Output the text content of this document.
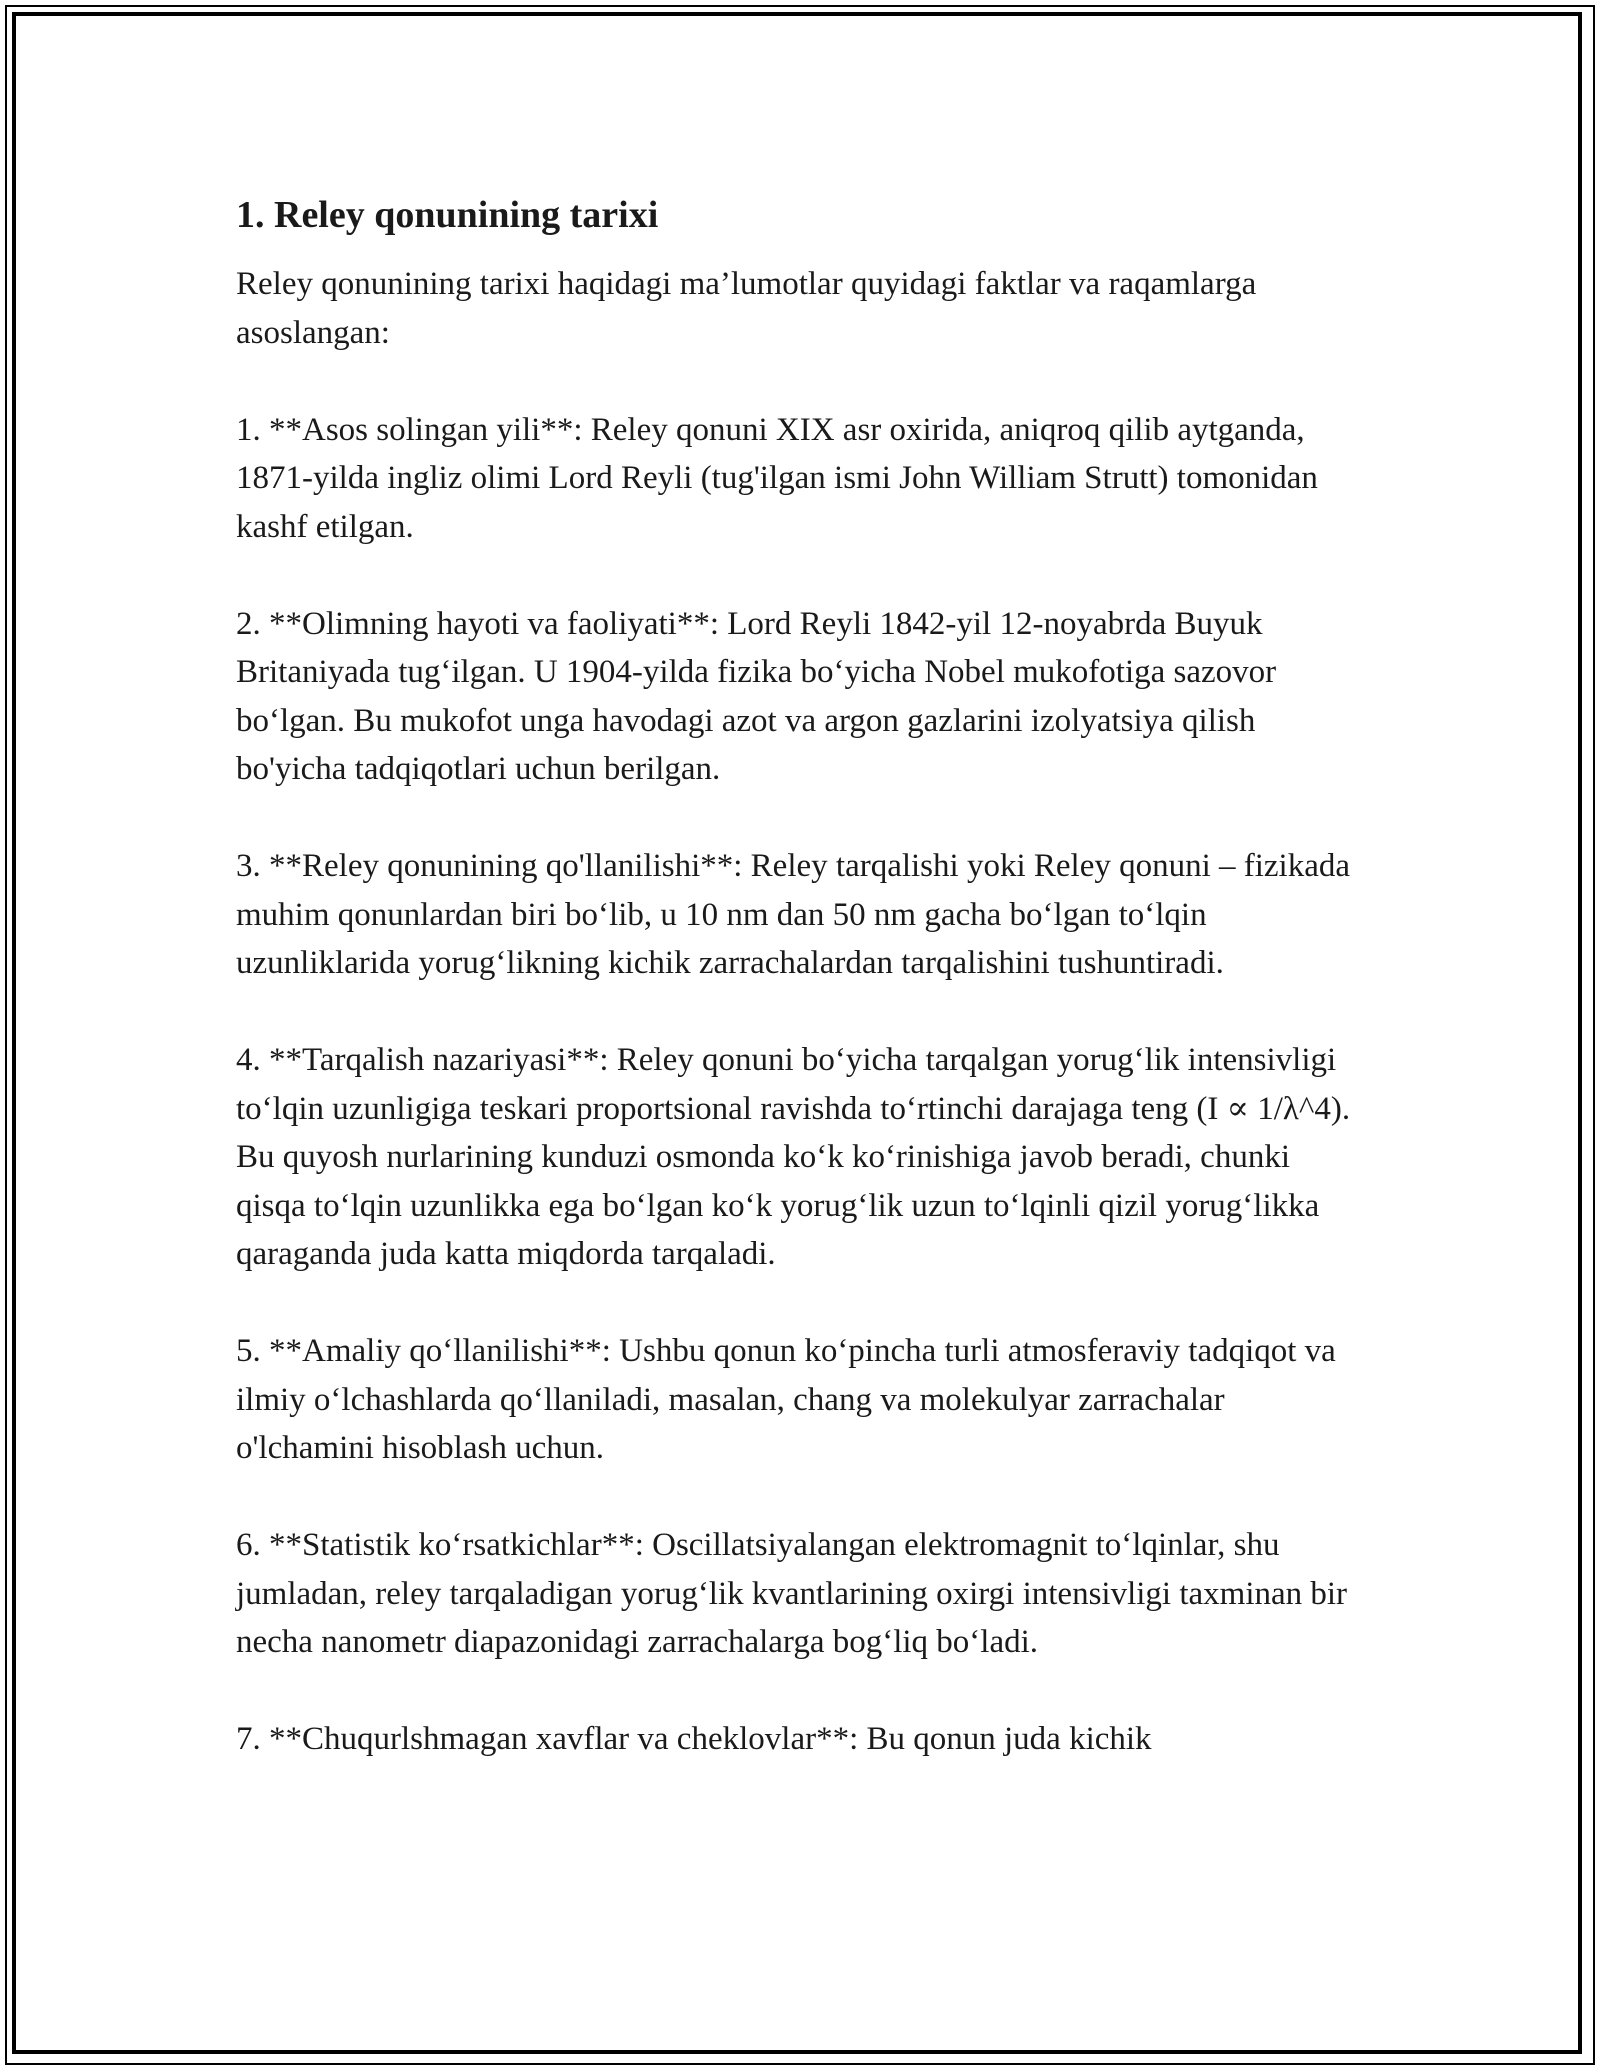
1. Reley qonunining tarixi

Reley qonunining tarixi haqidagi ma’lumotlar quyidagi faktlar va raqamlarga asoslangan:

1. **Asos solingan yili**: Reley qonuni XIX asr oxirida, aniqroq qilib aytganda, 1871-yilda ingliz olimi Lord Reyli (tug'ilgan ismi John William Strutt) tomonidan kashf etilgan.

2. **Olimning hayoti va faoliyati**: Lord Reyli 1842-yil 12-noyabrda Buyuk Britaniyada tug‘ilgan. U 1904-yilda fizika bo‘yicha Nobel mukofotiga sazovor bo‘lgan. Bu mukofot unga havodagi azot va argon gazlarini izolyatsiya qilish bo'yicha tadqiqotlari uchun berilgan.

3. **Reley qonunining qo'llanilishi**: Reley tarqalishi yoki Reley qonuni – fizikada muhim qonunlardan biri bo‘lib, u 10 nm dan 50 nm gacha bo‘lgan to‘lqin uzunliklarida yorug‘likning kichik zarrachalardan tarqalishini tushuntiradi.

4. **Tarqalish nazariyasi**: Reley qonuni bo‘yicha tarqalgan yorug‘lik intensivligi to‘lqin uzunligiga teskari proportsional ravishda to‘rtinchi darajaga teng (I ∝ 1/λ^4). Bu quyosh nurlarining kunduzi osmonda ko‘k ko‘rinishiga javob beradi, chunki qisqa to‘lqin uzunlikka ega bo‘lgan ko‘k yorug‘lik uzun to‘lqinli qizil yorug‘likka qaraganda juda katta miqdorda tarqaladi.

5. **Amaliy qo‘llanilishi**: Ushbu qonun ko‘pincha turli atmosferaviy tadqiqot va ilmiy o‘lchashlarda qo‘llaniladi, masalan, chang va molekulyar zarrachalar o'lchamini hisoblash uchun.

6. **Statistik ko‘rsatkichlar**: Oscillatsiyalangan elektromagnit to‘lqinlar, shu jumladan, reley tarqaladigan yorug‘lik kvantlarining oxirgi intensivligi taxminan bir necha nanometr diapazonidagi zarrachalarga bog‘liq bo‘ladi.

7. **Chuqurlshmagan xavflar va cheklovlar**: Bu qonun juda kichik
